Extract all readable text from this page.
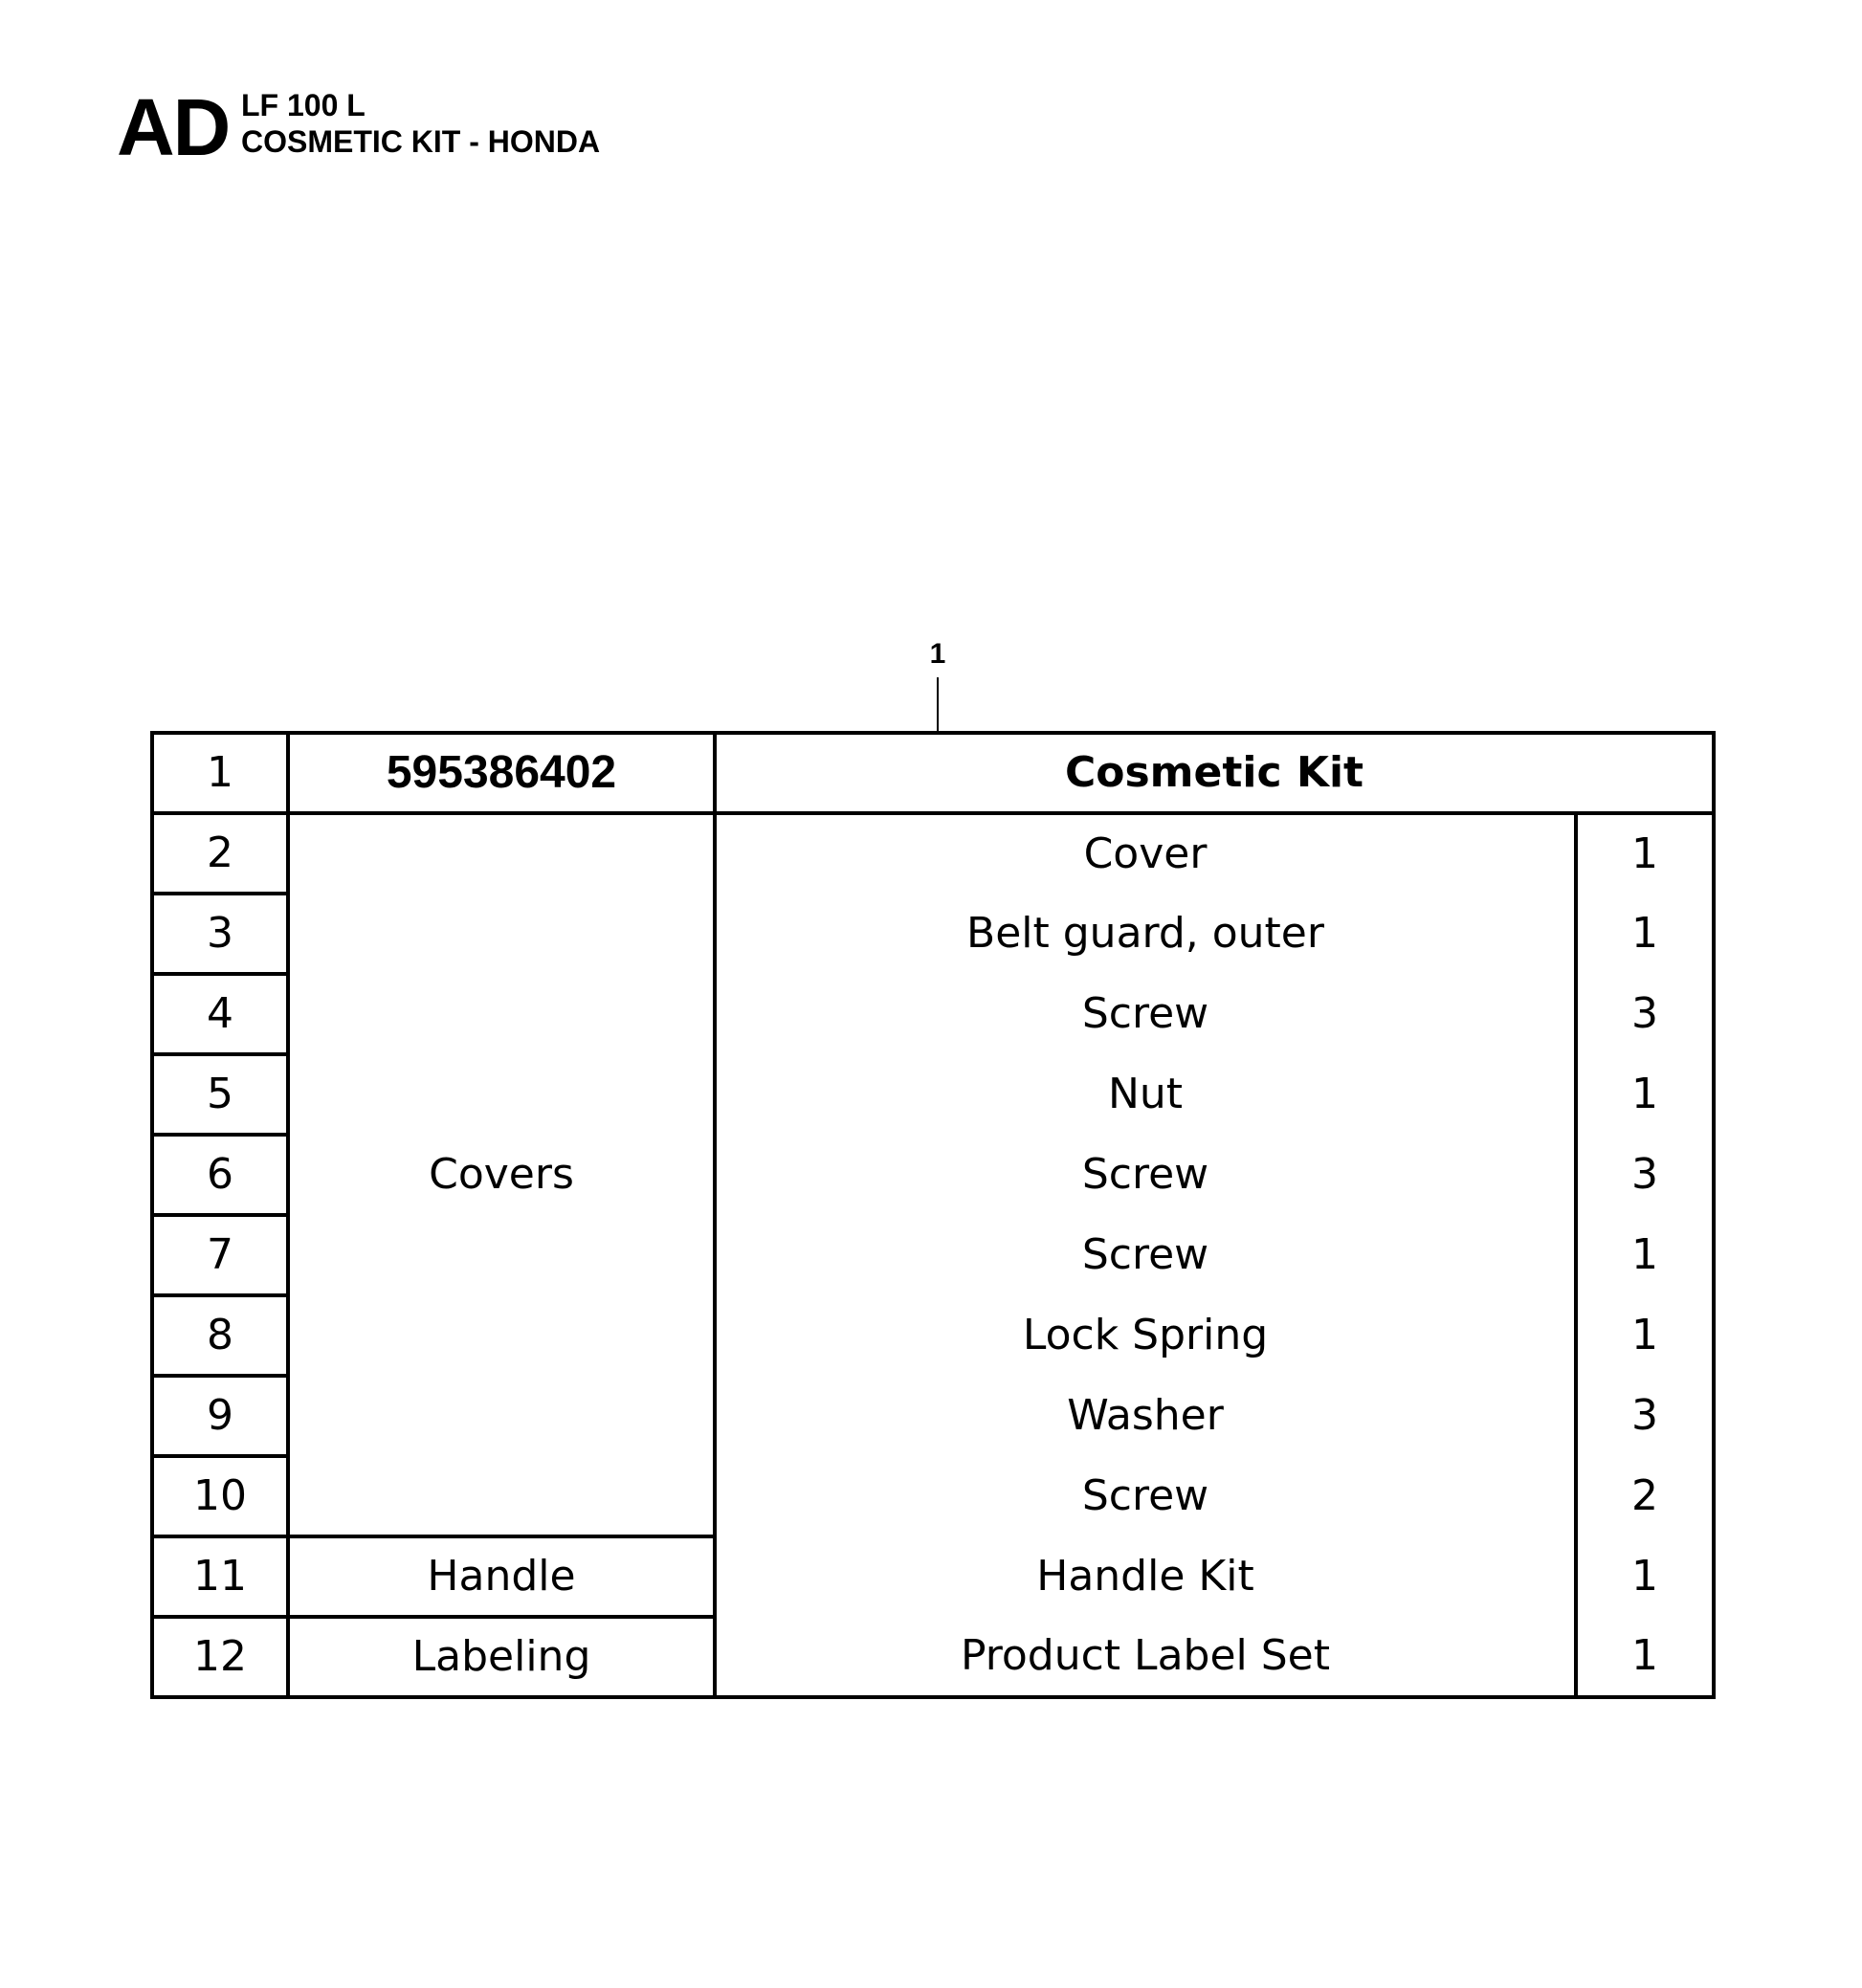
AD LF 100 L
COSMETIC KIT - HONDA
1
1	595386402	Cosmetic Kit	
2	Covers	Cover	1
3		Belt guard, outer	1
4		Screw	3
5		Nut	1
6		Screw	3
7		Screw	1
8		Lock Spring	1
9		Washer	3
10		Screw	2
11	Handle	Handle Kit	1
12	Labeling	Product Label Set	1
